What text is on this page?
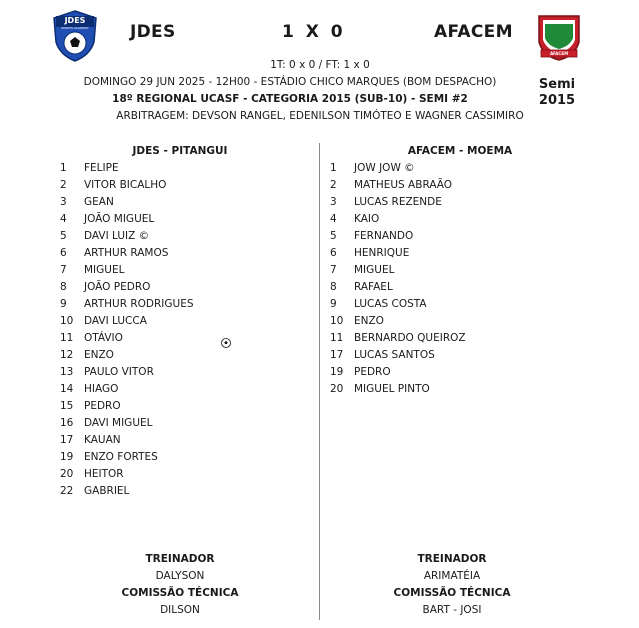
JDES
SPORTS ACADEMY	JDES	1 X 0	AFACEM
AFACEM
1T: 0 x 0 / FT: 1 x 0
DOMINGO 29 JUN 2025 - 12H00 - ESTÁDIO CHICO MARQUES (BOM DESPACHO)
18º REGIONAL UCASF - CATEGORIA 2015 (SUB-10) - SEMI #2
ARBITRAGEM: DEVSON RANGEL, EDENILSON TIMÓTEO E WAGNER CASSIMIRO
Semi
2015
JDES - PITANGUI	AFACEM - MOEMA
1	FELIPE
2	VITOR BICALHO
3	GEAN
4	JOÃO MIGUEL
5	DAVI LUIZ ©
6	ARTHUR RAMOS
7	MIGUEL
8	JOÃO PEDRO
9	ARTHUR RODRIGUES
10	DAVI LUCCA
11	OTÁVIO
12	ENZO
13	PAULO VITOR
14	HIAGO
15	PEDRO
16	DAVI MIGUEL
17	KAUAN
19	ENZO FORTES
20	HEITOR
22	GABRIEL
1	JOW JOW ©
2	MATHEUS ABRAÃO
3	LUCAS REZENDE
4	KAIO
5	FERNANDO
6	HENRIQUE
7	MIGUEL
8	RAFAEL
9	LUCAS COSTA
10	ENZO
11	BERNARDO QUEIROZ
17	LUCAS SANTOS
19	PEDRO
20	MIGUEL PINTO
TREINADOR
DALYSON
COMISSÃO TÉCNICA
DILSON
TREINADOR
ARIMATÉIA
COMISSÃO TÉCNICA
BART - JOSI
